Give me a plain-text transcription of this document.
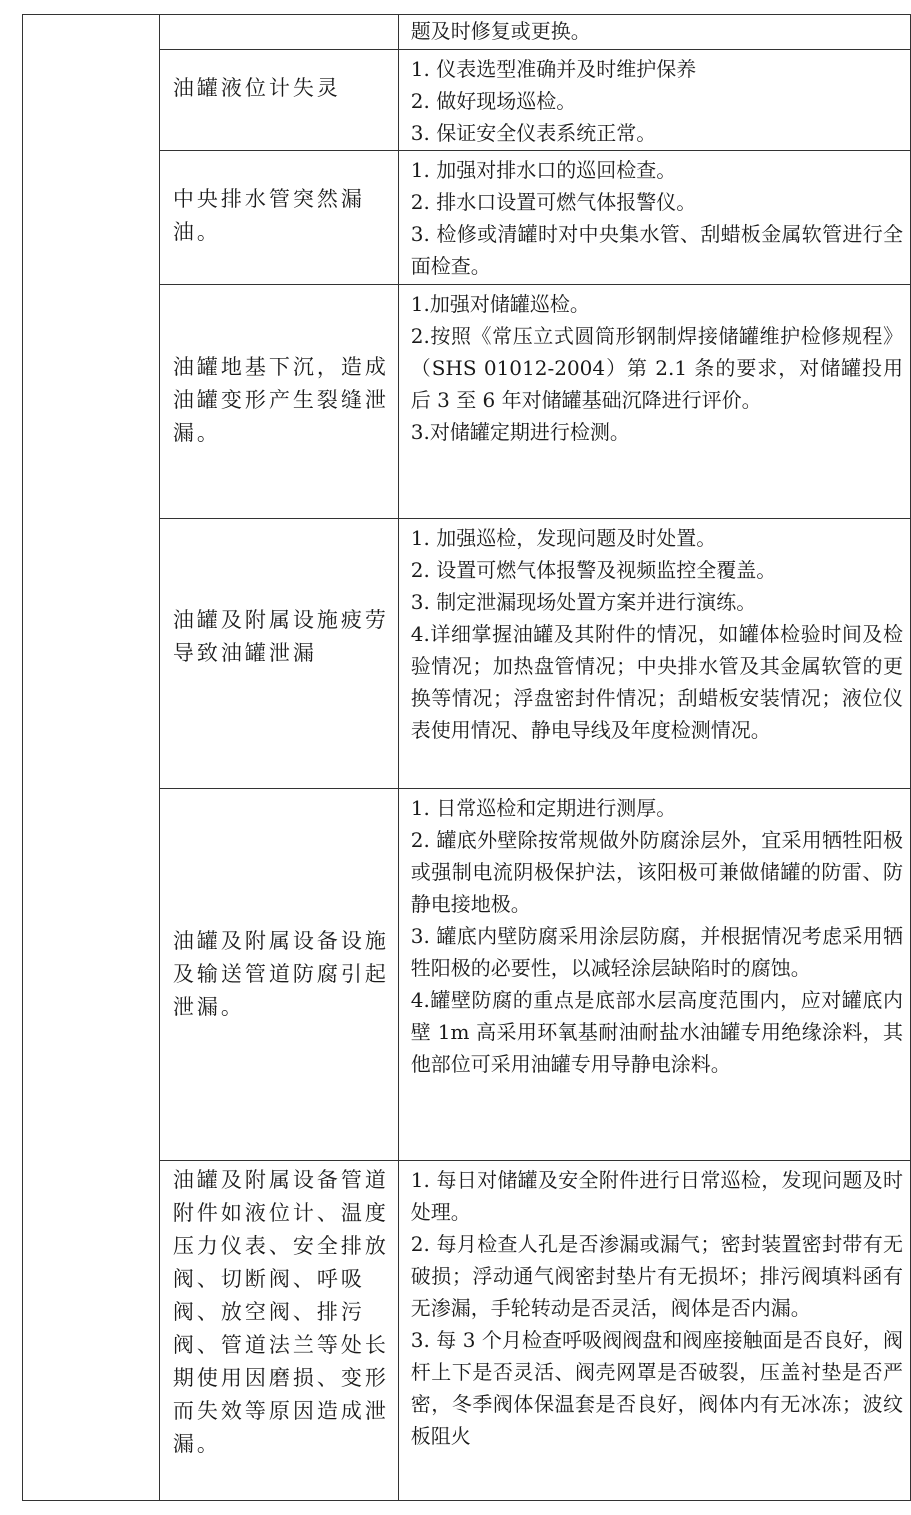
		题及时修复或更换。

	油罐液位计失灵	1. 仪表选型准确并及时维护保养
2. 做好现场巡检。
3. 保证安全仪表系统正常。

	中央排水管突然漏油。	1. 加强对排水口的巡回检查。
2. 排水口设置可燃气体报警仪。
3. 检修或清罐时对中央集水管、刮蜡板金属软管进行全面检查。

	油罐地基下沉，造成油罐变形产生裂缝泄漏。	1.加强对储罐巡检。
2.按照《常压立式圆筒形钢制焊接储罐维护检修规程》（SHS 01012-2004）第 2.1 条的要求，对储罐投用后 3 至 6 年对储罐基础沉降进行评价。
3.对储罐定期进行检测。

	油罐及附属设施疲劳导致油罐泄漏	1. 加强巡检，发现问题及时处置。
2. 设置可燃气体报警及视频监控全覆盖。
3. 制定泄漏现场处置方案并进行演练。
4.详细掌握油罐及其附件的情况，如罐体检验时间及检验情况；加热盘管情况；中央排水管及其金属软管的更换等情况；浮盘密封件情况；刮蜡板安装情况；液位仪表使用情况、静电导线及年度检测情况。

	油罐及附属设备设施及输送管道防腐引起泄漏。	1. 日常巡检和定期进行测厚。
2. 罐底外壁除按常规做外防腐涂层外，宜采用牺牲阳极或强制电流阴极保护法，该阳极可兼做储罐的防雷、防静电接地极。
3. 罐底内壁防腐采用涂层防腐，并根据情况考虑采用牺牲阳极的必要性，以减轻涂层缺陷时的腐蚀。
4.罐壁防腐的重点是底部水层高度范围内，应对罐底内壁 1m 高采用环氧基耐油耐盐水油罐专用绝缘涂料，其他部位可采用油罐专用导静电涂料。

	油罐及附属设备管道附件如液位计、温度压力仪表、安全排放阀、切断阀、呼吸阀、放空阀、排污阀、管道法兰等处长期使用因磨损、变形而失效等原因造成泄漏。	1. 每日对储罐及安全附件进行日常巡检，发现问题及时处理。
2. 每月检查人孔是否渗漏或漏气；密封装置密封带有无破损；浮动通气阀密封垫片有无损坏；排污阀填料函有无渗漏，手轮转动是否灵活，阀体是否内漏。
3. 每 3 个月检查呼吸阀阀盘和阀座接触面是否良好，阀杆上下是否灵活、阀壳网罩是否破裂，压盖衬垫是否严密，冬季阀体保温套是否良好，阀体内有无冰冻；波纹板阻火
